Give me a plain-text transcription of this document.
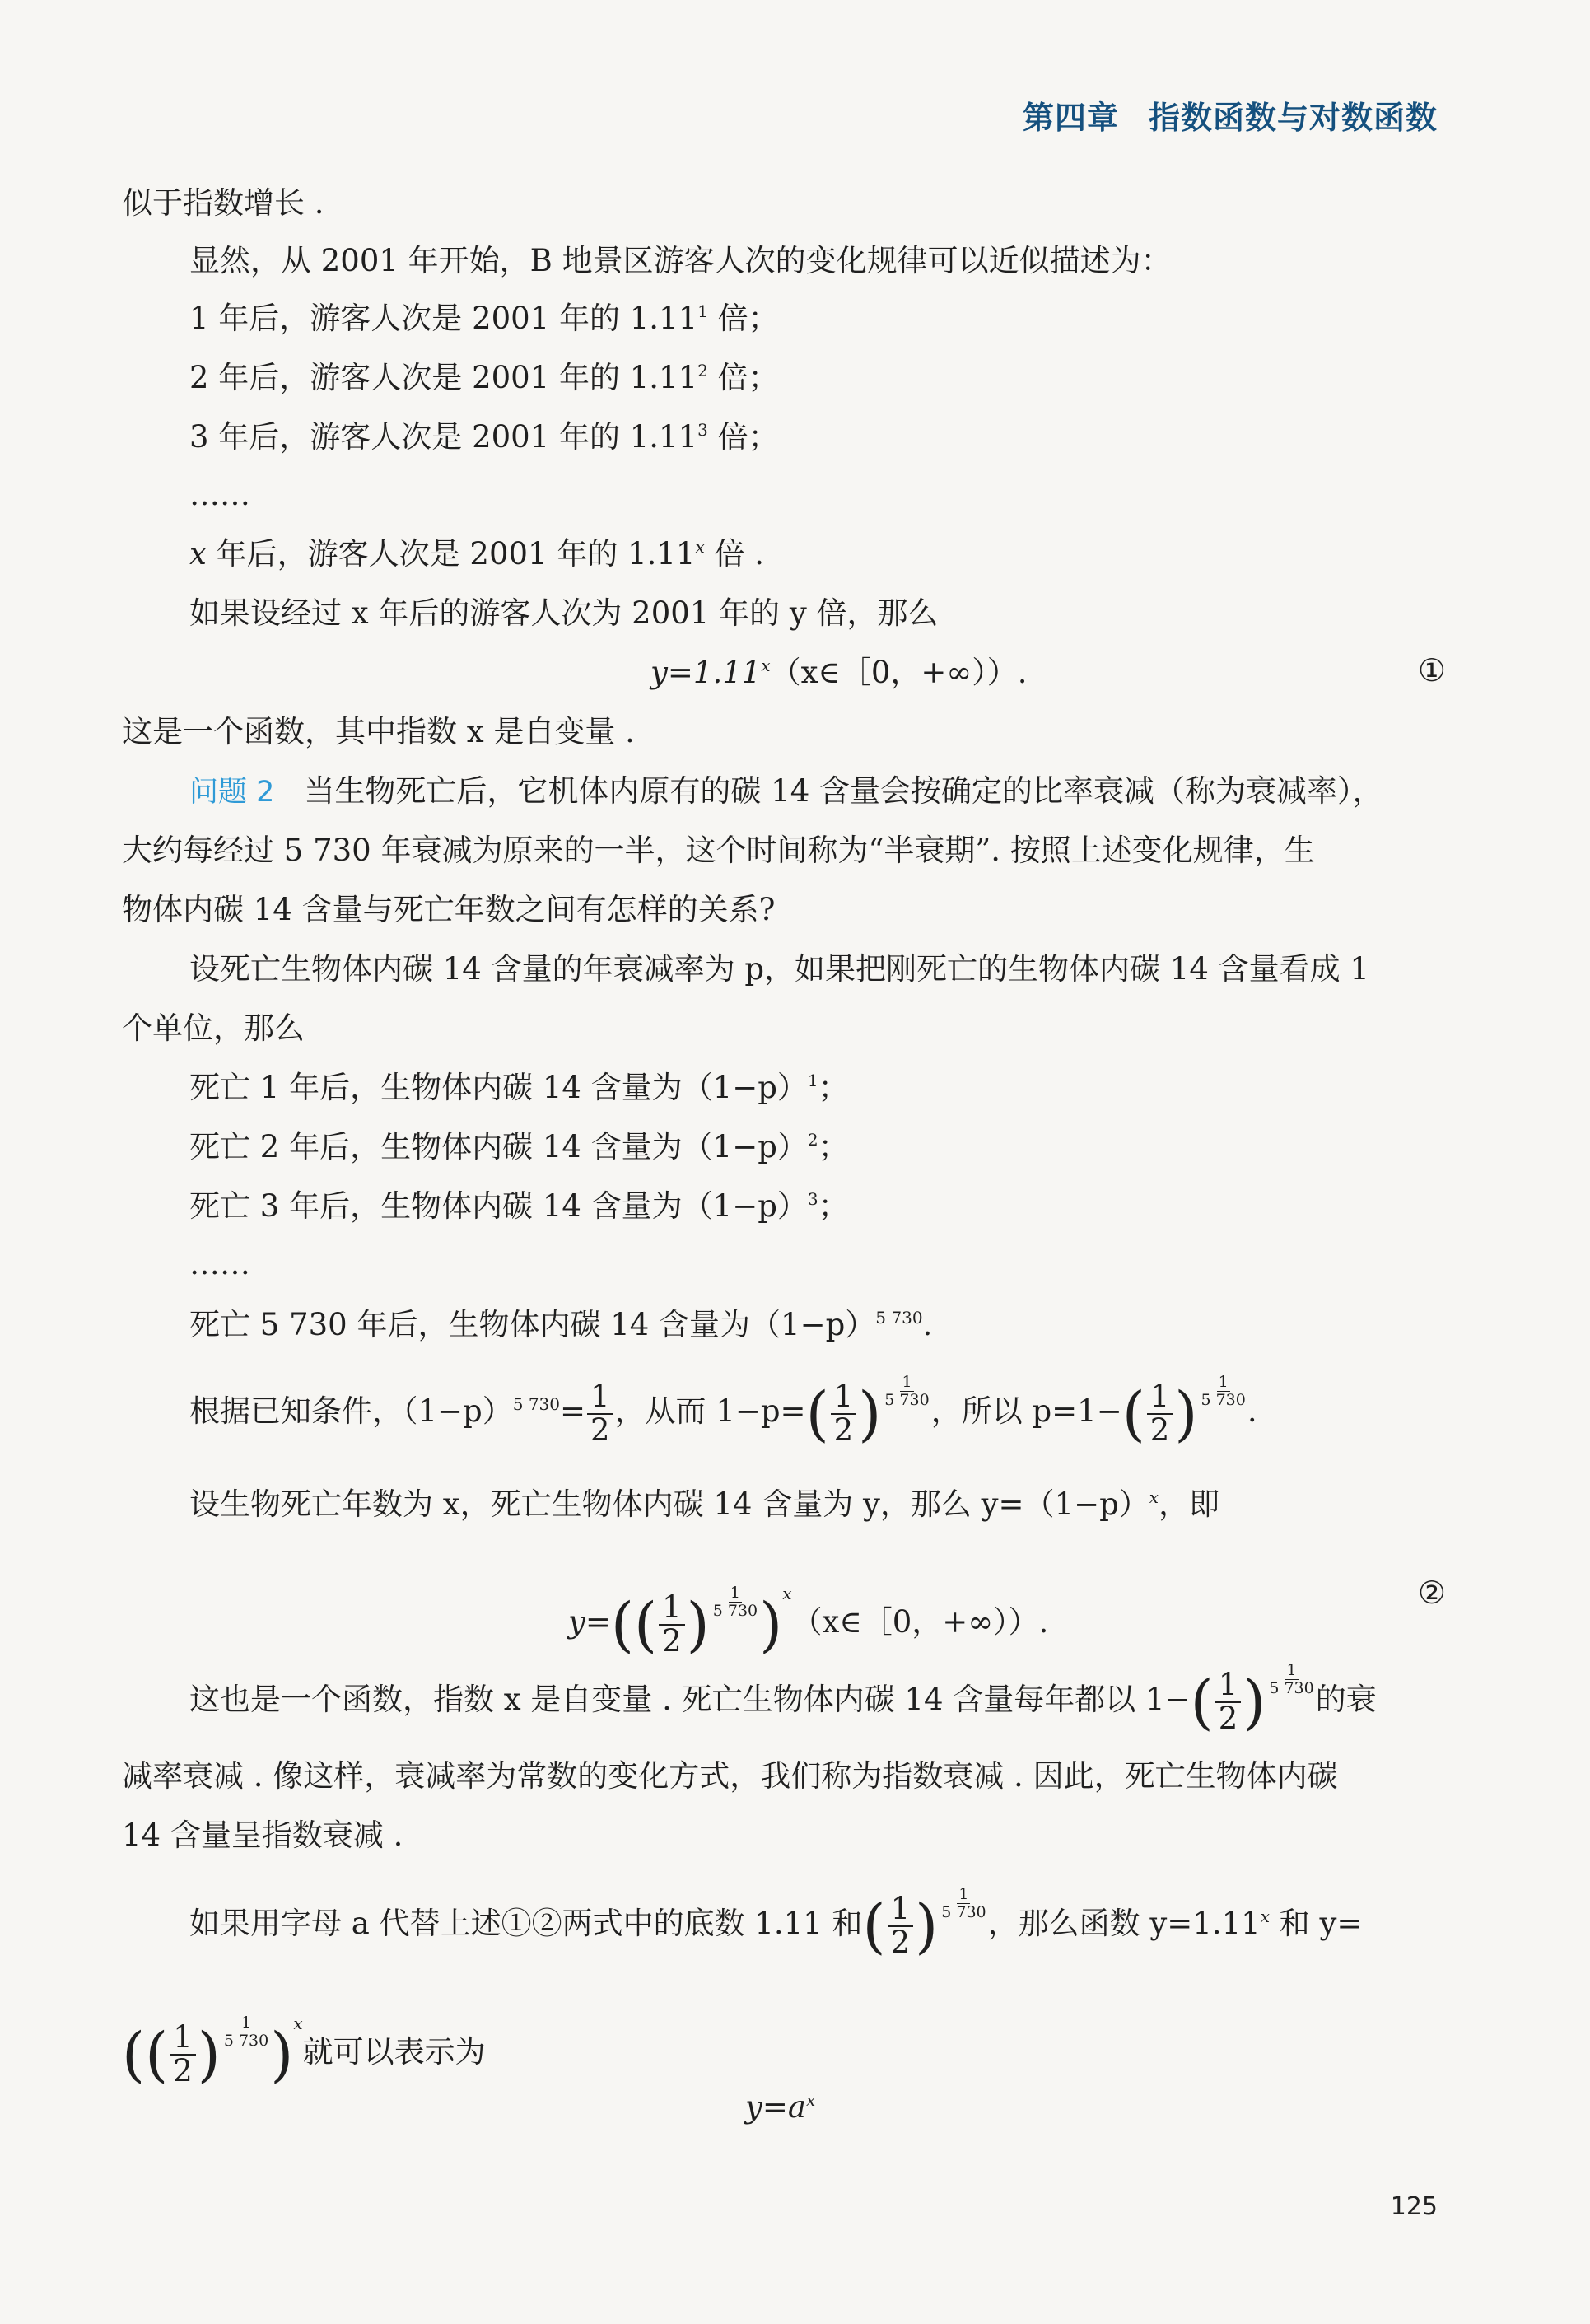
第四章 指数函数与对数函数
似于指数增长 .
显然，从 2001 年开始，B 地景区游客人次的变化规律可以近似描述为：
1 年后，游客人次是 2001 年的 1.11$^1$ 倍；
2 年后，游客人次是 2001 年的 1.11$^2$ 倍；
3 年后，游客人次是 2001 年的 1.11$^3$ 倍；
……
x 年后，游客人次是 2001 年的 1.11$^x$ 倍 .
如果设经过 x 年后的游客人次为 2001 年的 y 倍，那么
$y=1.11^x(x\in[0$，+∞））.	①
这是一个函数，其中指数 x 是自变量 .
问题 2 当生物死亡后，它机体内原有的碳 14 含量会按确定的比率衰减（称为衰减率），
大约每经过 5 730 年衰减为原来的一半，这个时间称为“半衰期”. 按照上述变化规律，生
物体内碳 14 含量与死亡年数之间有怎样的关系?
设死亡生物体内碳 14 含量的年衰减率为 p，如果把刚死亡的生物体内碳 14 含量看成 1
个单位，那么
死亡 1 年后，生物体内碳 14 含量为$(1-p)^1$；
死亡 2 年后，生物体内碳 14 含量为$(1-p)^2$；
死亡 3 年后，生物体内碳 14 含量为$(1-p)^3$；
……
死亡 5 730 年后，生物体内碳 14 含量为$(1-p)^{5 730}$.
根据已知条件，$(1-p)^{5 730}= \frac{1}{2}$ ，从而 $1-p=( \frac{1}{2}$ ) $\frac{1}{5 730}$
，所以 $p=1-( \frac{1}{2}$ ) $\frac{1}{5 730}$
.
设生物死亡年数为 x，死亡生物体内碳 14 含量为 y，那么 $y=(1-p)^x$，即
$y=(( \frac{1}{2}$ ) $\frac{1}{5 730}$ )$^x$（x∈［0，+∞））.
②
这也是一个函数，指数 x 是自变量 . 死亡生物体内碳 14 含量每年都以 $1-( \frac{1}{2}$ ) $\frac{1}{5 730}$
的衰
减率衰减 . 像这样，衰减率为常数的变化方式，我们称为指数衰减 . 因此，死亡生物体内碳
14 含量呈指数衰减 .
如果用字母 a 代替上述①②两式中的底数 1.11 和( $\frac{1}{2}$ ) $\frac{1}{5 730}$
，那么函数 $y=1.11^x$ 和 y=
(( $\frac{1}{2}$ ) $\frac{1}{5 730} )^x$就可以表示为
$y=a^x$
125
